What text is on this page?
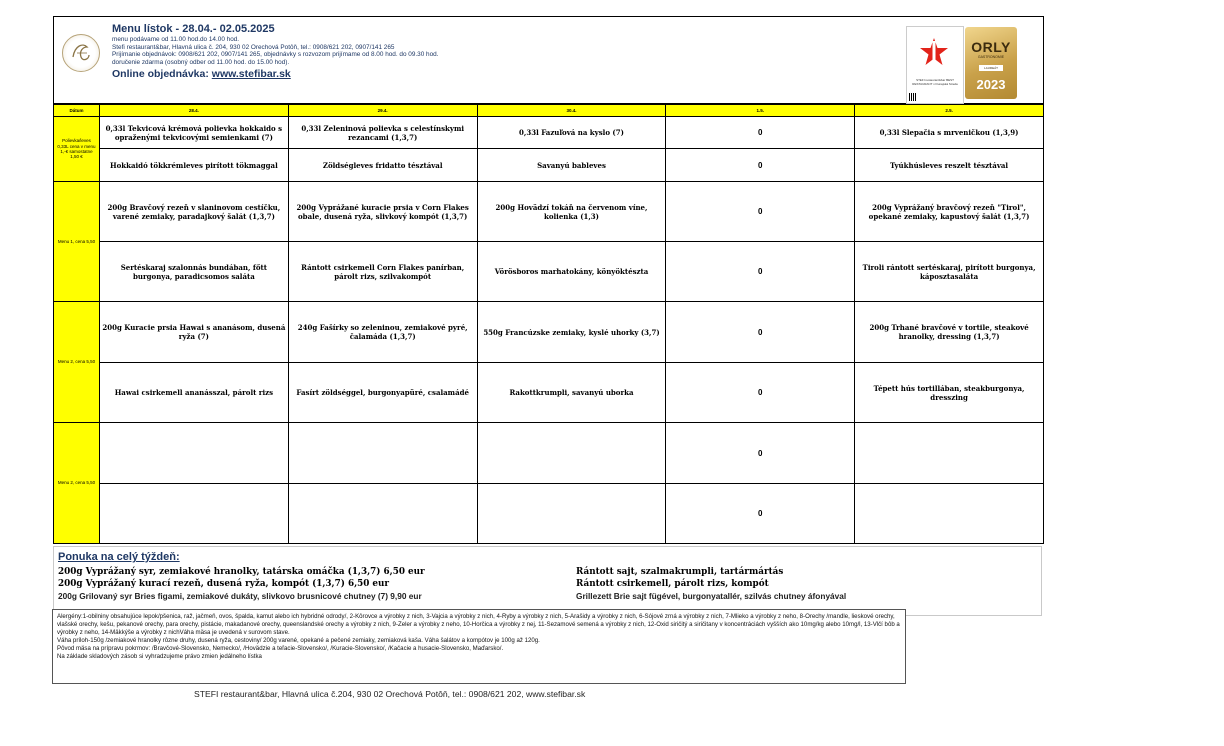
Menu lístok - 28.04.- 02.05.2025
menu podávame od 11.00 hod.do 14.00 hod.
Stefi restaurant&bar, Hlavná ulica č. 204, 930 02 Orechová Potôň, tel.: 0908/621 202, 0907/141 265
Prijímanie objednávok: 0908/621 202, 0907/141 265, objednávky s rozvozom prijímame od 8.00 hod. do 09.30 hod.
doručenie zdarma (osobný odber od 11.00 hod. do 15.00 hod).
Online objednávka: www.stefibar.sk	STEFI restaurant&bar BEST RESTAURANT v Dunajská Streda
ORLY
GASTRONOMIE
LAUREÁT
2023
Dátum	28.4.	29.4.	30.4.	1.5.	2.5.
Polievka/leves 0,33L cena v menu 1,-€ samostatne 1,50 €	0,33l Tekvicová krémová polievka hokkaido s opraženými tekvicovými semienkami (7)	0,33l Zeleninová polievka s celestínskymi rezancami (1,3,7)	0,33l Fazuľová na kyslo (7)	0	0,33l Slepačia s mrveničkou (1,3,9)
	Hokkaidó tökkrémleves pirított tökmaggal	Zöldségleves fridatto tésztával	Savanyú bableves	0	Tyúkhúsleves reszelt tésztával
Menu 1, cena 5,50	200g Bravčový rezeň v slaninovom cestíčku, varené zemiaky, paradajkový šalát (1,3,7)	200g Vyprážané kuracie prsia v Corn Flakes obale, dusená ryža, slivkový kompót (1,3,7)	200g Hovädzí tokáň na červenom víne, kolienka (1,3)	0	200g Vyprážaný bravčový rezeň "Tirol", opekané zemiaky, kapustový šalát (1,3,7)
	Sertéskaraj szalonnás bundában, főtt burgonya, paradicsomos saláta	Rántott csirkemell Corn Flakes panírban, párolt rizs, szilvakompót	Vörösboros marhatokány, könyöktészta	0	Tiroli rántott sertéskaraj, pirított burgonya, káposztasaláta
Menu 2, cena 5,50	200g Kuracie prsia Hawai s ananásom, dusená ryža (7)	240g Fašírky so zeleninou, zemiakové pyré, čalamáda (1,3,7)	550g Francúzske zemiaky, kyslé uhorky (3,7)	0	200g Trhané bravčové v tortile, steakové hranolky, dressing (1,3,7)
	Hawai csirkemell ananásszal, párolt rizs	Fasírt zöldséggel, burgonyapüré, csalamádé	Rakottkrumpli, savanyú uborka	0	Tépett hús tortillában, steakburgonya, dresszing
Menu 2, cena 5,50				0	
				0	
Ponuka na celý týždeň:
200g Vyprážaný syr, zemiakové hranolky, tatárska omáčka (1,3,7) 6,50 eur
200g Vyprážaný kurací rezeň, dusená ryža, kompót (1,3,7) 6,50 eur
200g Grilovaný syr Bries figami, zemiakové dukáty, slivkovo brusnicové chutney (7) 9,90 eur
Rántott sajt, szalmakrumpli, tartármártás
Rántott csirkemell, párolt rizs, kompót
Grillezett Brie sajt fügével, burgonyatallér, szilvás chutney áfonyával
Alergény:1-obilniny obsahujúce lepok/pšenica, raž, jačmeň, ovos, špalda, kamut alebo ich hybridné odrody/, 2-Kôrovce a výrobky z nich, 3-Vajcia a výrobky z nich, 4-Ryby a výrobky z nich, 5-Arašidy a výrobky z nich, 6-Sójové zrná a výrobky z nich, 7-Mlieko a výrobky z neho, 8-Orechy /mandle, lieskové orechy, vlašské orechy, kešu, pekanové orechy, para orechy, pistácie, makadanové orechy, queenslandské orechy a výrobky z nich, 9-Zeler a výrobky z neho, 10-Horčica a výrobky z nej, 11-Sezamové semená a výrobky z nich, 12-Oxid siričitý a siričitany v koncentráciách vyšších ako 10mg/kg alebo 10mg/l, 13-Vlčí bôb a výrobky z neho, 14-Mäkkýše a výrobky z nichVáha mäsa je uvedená v surovom stave.
Váha príloh-150g /zemiakové hranolky rôzne druhy, dusená ryža, cestoviny/ 200g varené, opekané a pečené zemiaky, zemiaková kaša. Váha šalátov a kompótov je 100g až 120g.
Pôvod mäsa na prípravu pokrmov: /Bravčové-Slovensko, Nemecko/, /Hovädzie a teľacie-Slovensko/, /Kuracie-Slovensko/, /Kačacie a husacie-Slovensko, Maďarsko/.
Na základe skladových zásob si vyhradzujeme právo zmien jedálneho lístka
STEFI restaurant&bar, Hlavná ulica č.204, 930 02 Orechová Potôň, tel.: 0908/621 202, www.stefibar.sk
